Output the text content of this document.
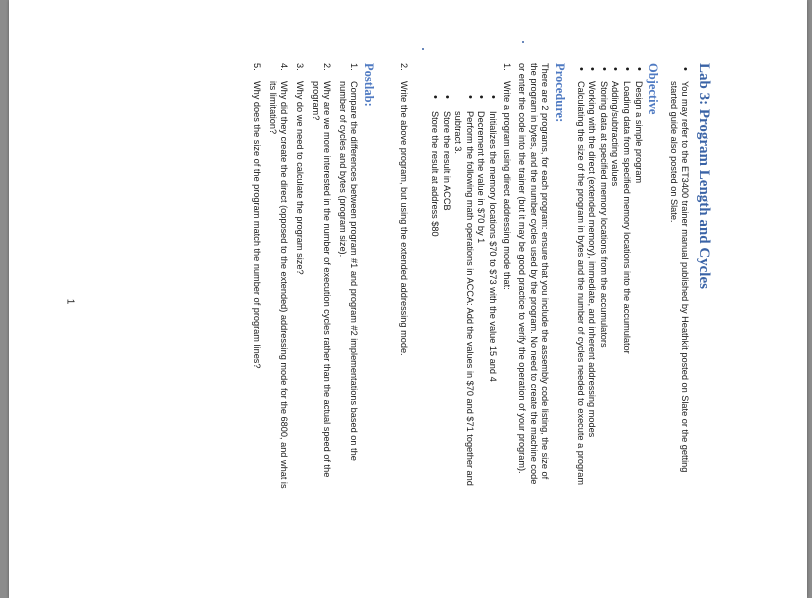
Lab 3: Program Length and Cycles
• You may refer to the ET3400 trainer manual published by Heathkit posted on Slate or the getting started guide also posted on Slate.
Objective
• Design a simple program
• Loading data from specified memory locations into the accumulator
• Adding/subtracting values
• Storing data at specified memory locations from the accumulators
• Working with the direct (extended memory), immediate, and inherent addressing modes
• Calculating the size of the program in bytes and the number of cycles needed to execute a program
Procedure:

There are 2 programs, for each program: ensure that you include the assembly code listing, the size of the program in bytes, and the number cycles used by the program. No need to create the machine code or enter the code into the trainer (but it may be good practice to verify the operation of your program).

1.
Write a program using direct addressing mode that:
• Initializes the memory locations $70 to $73 with the value 15 and 4
• Decrement the value in $70 by 1
• Perform the following math operations in ACCA: Add the values in $70 and $71 together and subtract 3.
• Store the result in ACCB
• Store the result at address $80
2.
Write the above program, but using the extended addressing mode.
Postlab:
1.
Compare the differences between program #1 and program #2 implementations based on the number of cycles and bytes (program size).
2.
Why are we more interested in the number of execution cycles rather than the actual speed of the program?
3.
Why do we need to calculate the program size?
4.
Why did they create the direct (opposed to the extended) addressing mode for the 6800, and what is its limitation?
5.
Why does the size of the program match the number of program lines?
1
